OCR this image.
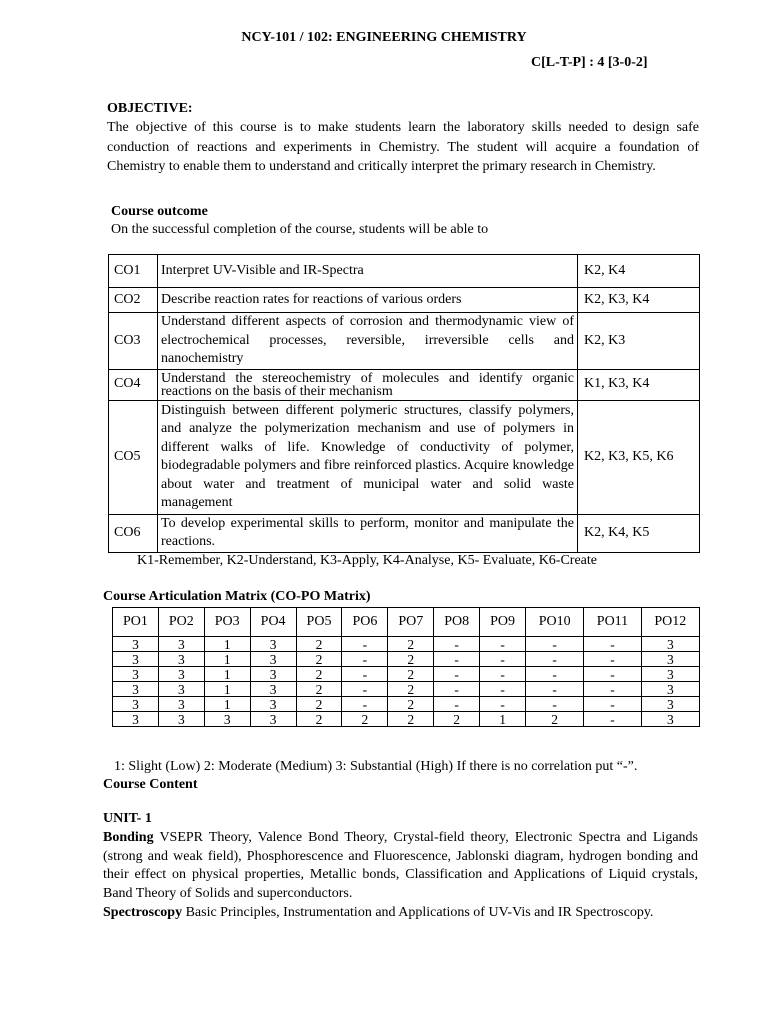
NCY-101 / 102: ENGINEERING CHEMISTRY
C[L-T-P] : 4 [3-0-2]
OBJECTIVE:
The objective of this course is to make students learn the laboratory skills needed to design safe conduction of reactions and experiments in Chemistry. The student will acquire a foundation of Chemistry to enable them to understand and critically interpret the primary research in Chemistry.
Course outcome
On the successful completion of the course, students will be able to
CO1	Interpret UV-Visible and IR-Spectra	K2, K4
CO2	Describe reaction rates for reactions of various orders	K2, K3, K4
CO3	Understand different aspects of corrosion and thermodynamic view of electrochemical processes, reversible, irreversible cells and nanochemistry	K2, K3
CO4	Understand the stereochemistry of molecules and identify organic reactions on the basis of their mechanism	K1, K3, K4
CO5	Distinguish between different polymeric structures, classify polymers, and analyze the polymerization mechanism and use of polymers in different walks of life. Knowledge of conductivity of polymer, biodegradable polymers and fibre reinforced plastics. Acquire knowledge about water and treatment of municipal water and solid waste management	K2, K3, K5, K6
CO6	To develop experimental skills to perform, monitor and manipulate the reactions.	K2, K4, K5
K1-Remember, K2-Understand, K3-Apply, K4-Analyse, K5- Evaluate, K6-Create
Course Articulation Matrix (CO-PO Matrix)
PO1	PO2	PO3	PO4	PO5	PO6	PO7	PO8	PO9	PO10	PO11	PO12
3	3	1	3	2	-	2	-	-	-	-	3
3	3	1	3	2	-	2	-	-	-	-	3
3	3	1	3	2	-	2	-	-	-	-	3
3	3	1	3	2	-	2	-	-	-	-	3
3	3	1	3	2	-	2	-	-	-	-	3
3	3	3	3	2	2	2	2	1	2	-	3
1: Slight (Low) 2: Moderate (Medium) 3: Substantial (High) If there is no correlation put “-”.
Course Content
UNIT- 1
Bonding VSEPR Theory, Valence Bond Theory, Crystal-field theory, Electronic Spectra and Ligands (strong and weak field), Phosphorescence and Fluorescence, Jablonski diagram, hydrogen bonding and their effect on physical properties, Metallic bonds, Classification and Applications of Liquid crystals, Band Theory of Solids and superconductors.
Spectroscopy Basic Principles, Instrumentation and Applications of UV-Vis and IR Spectroscopy.
